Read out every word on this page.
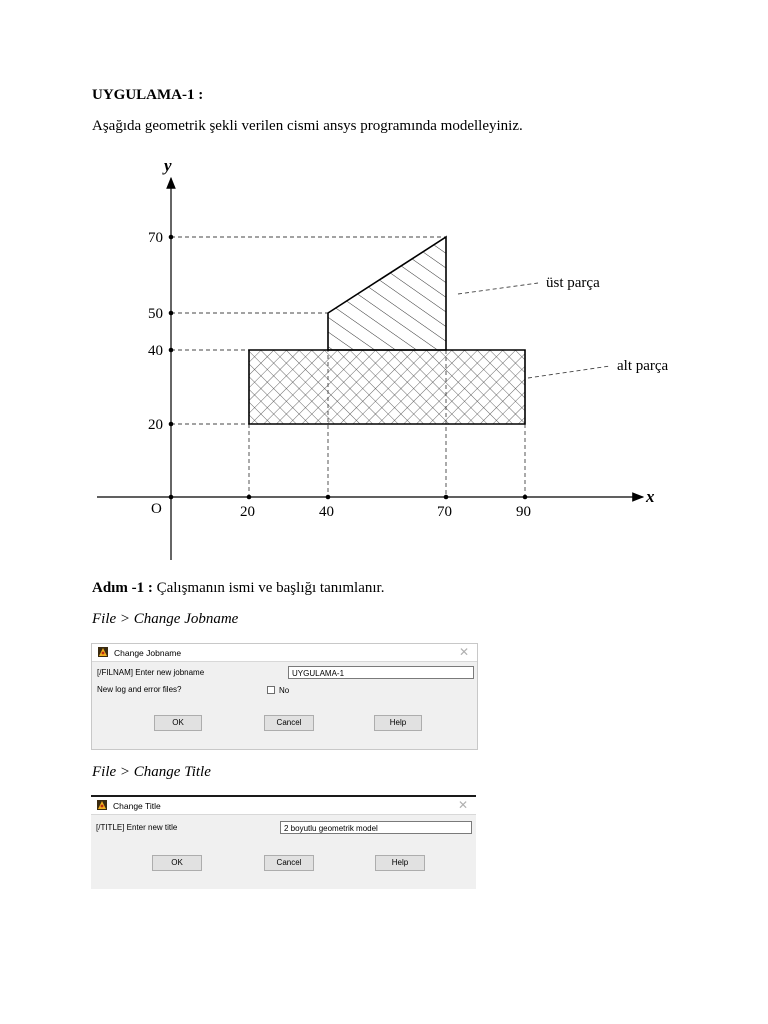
UYGULAMA-1 :
Aşağıda geometrik şekli verilen cismi ansys programında modelleyiniz.
y
x
O
70
50
40
20
20	40	70	90
üst parça
alt parça
Adım -1 : Çalışmanın ismi ve başlığı tanımlanır.
File > Change Jobname
Change Jobname	✕
[/FILNAM] Enter new jobname	UYGULAMA-1
New log and error files?	No
OK	Cancel	Help
File > Change Title
Change Title	✕
[/TITLE] Enter new title	2 boyutlu geometrik model
OK	Cancel	Help
